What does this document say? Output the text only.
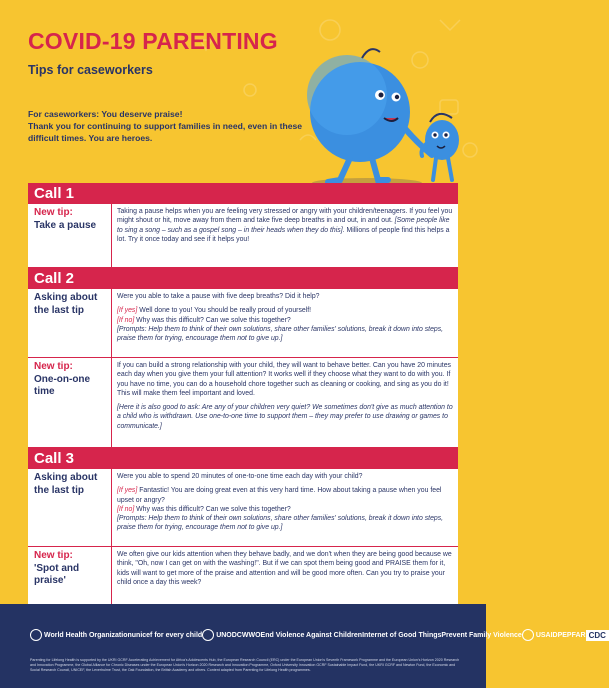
COVID-19 PARENTING
Tips for caseworkers

For caseworkers: You deserve praise!

Thank you for continuing to support families in need, even in these difficult times. You are heroes.

Call 1
New tip:
Take a pause

Taking a pause helps when you are feeling very stressed or angry with your children/teenagers. If you feel you might shout or hit, move away from them and take five deep breaths in and out, in and out. [Some people like to sing a song – such as a gospel song – in their heads when they do this]. Millions of people find this helps a lot. Try it once today and see if it helps you!

Call 2
Asking about the last tip

Were you able to take a pause with five deep breaths? Did it help?

[If yes] Well done to you! You should be really proud of yourself!

[If no] Why was this difficult? Can we solve this together?

[Prompts: Help them to think of their own solutions, share other families' solutions, break it down into steps, praise them for trying, encourage them not to give up.]

New tip:
One-on-one time

If you can build a strong relationship with your child, they will want to behave better. Can you have 20 minutes each day when you give them your full attention? It works well if they choose what they want to do with you. If you have no time, you can do a household chore together such as cleaning or cooking, and sing as you do it! This will make them feel important and loved.

[Here it is also good to ask: Are any of your children very quiet? We sometimes don't give as much attention to a child who is withdrawn. Use one-to-one time to support them – they may prefer to use drawing or games to communicate.]

Call 3
Asking about the last tip

Were you able to spend 20 minutes of one-to-one time each day with your child?

[If yes] Fantastic! You are doing great even at this very hard time. How about taking a pause when you feel upset or angry?

[If no] Why was this difficult? Can we solve this together?

[Prompts: Help them to think of their own solutions, share other families' solutions, break it down into steps, praise them for trying, encourage them not to give up.]

New tip:
'Spot and praise'

We often give our kids attention when they behave badly, and we don't when they are being good because we think, "Oh, now I can get on with the washing!". But if we can spot them being good and PRAISE them for it, kids will want to get more of the praise and attention and will be good more often. Can you try to praise your child once a day this week?

World Health Organization unicef for every child UNODC WWO End Violence Against Children Internet of Good Things Prevent Family Violence USAID PEPFAR CDC
Parenting for Lifelong Health is supported by the UKRI GCRF Accelerating Achievement for Africa's Adolescents Hub, the European Research Council (ERC) under the European Union's Seventh Framework Programme and the European Union's Horizon 2020 Research and Innovation Programme, the Global Alliance for Chronic Diseases under the European Union's Horizon 2020 Research and Innovation Programme, Oxford University Innovation GCRF Sustainable Impact Fund, the UKRI GCRF and Newton Fund, the Economic and Social Research Council, UNICEF, the Leverhulme Trust, the Oak Foundation, the British Academy and others. Content adapted from Parenting for Lifelong Health programmes.
